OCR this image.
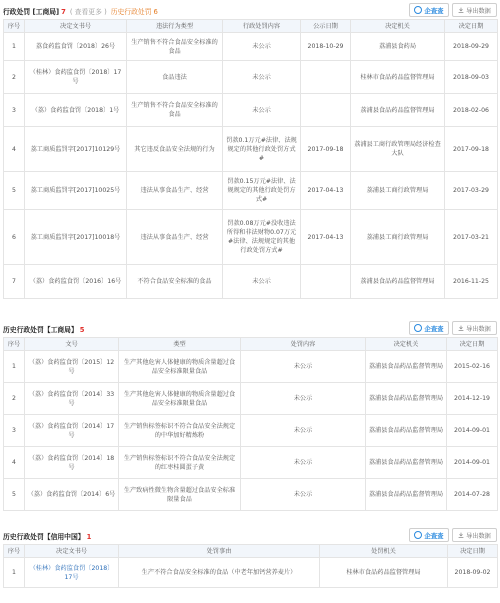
行政处罚 [工商局] 7 ( 查看更多 ) 历史行政处罚 6	企查查	导出数据
序号	决定文书号	违法行为类型	行政处罚内容	公示日期	决定机关	决定日期
1	荔食药监食罚〔2018〕26号	生产销售不符合食品安全标准的食品	未公示	2018-10-29	荔浦县食药局	2018-09-29
2	（桂林）食药监食罚〔2018〕17号	食品违法	未公示		桂林市食品药品监督管理局	2018-09-03
3	（荔）食药监食罚〔2018〕1号	生产销售不符合食品安全标准的食品	未公示		荔浦县食品药品监督管理局	2018-02-06
4	荔工商质监罚字[2017]10129号	其它违反食品安全法规的行为	罚款0.1万元#法律、法规规定的其他行政处罚方式#	2017-09-18	荔浦县工商行政管理局经济检查大队	2017-09-18
5	荔工商质监罚字[2017]10025号	违法从事食品生产、经营	罚款0.15万元#法律、法规规定的其他行政处罚方式#	2017-04-13	荔浦县工商行政管理局	2017-03-29
6	荔工商质监罚字[2017]10018号	违法从事食品生产、经营	罚款0.08万元#没收违法所得和非法财物0.07万元#法律、法规规定的其他行政处罚方式#	2017-04-13	荔浦县工商行政管理局	2017-03-21
7	（荔）食药监食罚〔2016〕16号	不符合食品安全标准的食品	未公示		荔浦县食品药品监督管理局	2016-11-25
历史行政处罚【工商局】 5	企查查	导出数据
序号	文号	类型	处罚内容	决定机关	决定日期
1	（荔）食药监食罚〔2015〕12号	生产其他危害人体健康的物质含量超过食品安全标准限量食品	未公示	荔浦县食品药品监督管理局	2015-02-16
2	（荔）食药监食罚〔2014〕33号	生产其他危害人体健康的物质含量超过食品安全标准限量食品	未公示	荔浦县食品药品监督管理局	2014-12-19
3	（荔）食药监食罚〔2014〕17号	生产销售标签标识不符合食品安全法规定的中华加好精炼粉	未公示	荔浦县食品药品监督管理局	2014-09-01
4	（荔）食药监食罚〔2014〕18号	生产销售标签标识不符合食品安全法规定的红枣桂圆蛋子黄	未公示	荔浦县食品药品监督管理局	2014-09-01
5	（荔）食药监食罚〔2014〕6号	生产致病性微生物含量超过食品安全标准限量食品	未公示	荔浦县食品药品监督管理局	2014-07-28
历史行政处罚【信用中国】 1	企查查	导出数据
序号	决定文书号	处罚事由	处罚机关	决定日期
1	（桂林）食药监食罚〔2018〕17号	生产不符合食品安全标准的食品（中老年加钙营养麦片）	桂林市食品药品监督管理局	2018-09-02
